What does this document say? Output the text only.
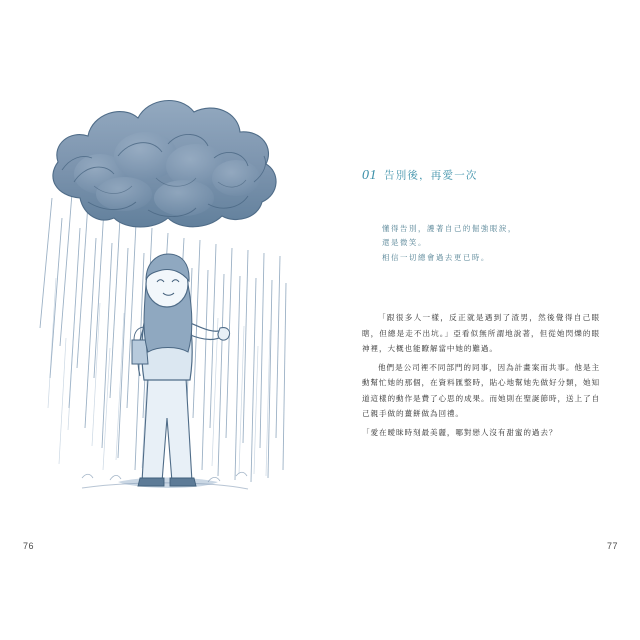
76
01 告別後，再愛一次
懂得告別，護著自己的倔強眼淚，
還是微笑。
相信一切總會過去更已時。

「跟很多人一樣，反正就是遇到了渣男，然後覺得自己眼瞎，但總是走不出坑。」亞看似無所謂地說著，但從她閃爍的眼神裡，大概也能瞭解當中她的難過。

他們是公司裡不同部門的同事，因為計畫案而共事。他是主動幫忙她的那個，在資料匯整時，貼心地幫她先做好分類，她知道這樣的動作是費了心思的成果。而她則在聖誕節時，送上了自己親手做的薑餅做為回禮。

「愛在曖昧時刻最美麗，哪對戀人沒有甜蜜的過去？

77
